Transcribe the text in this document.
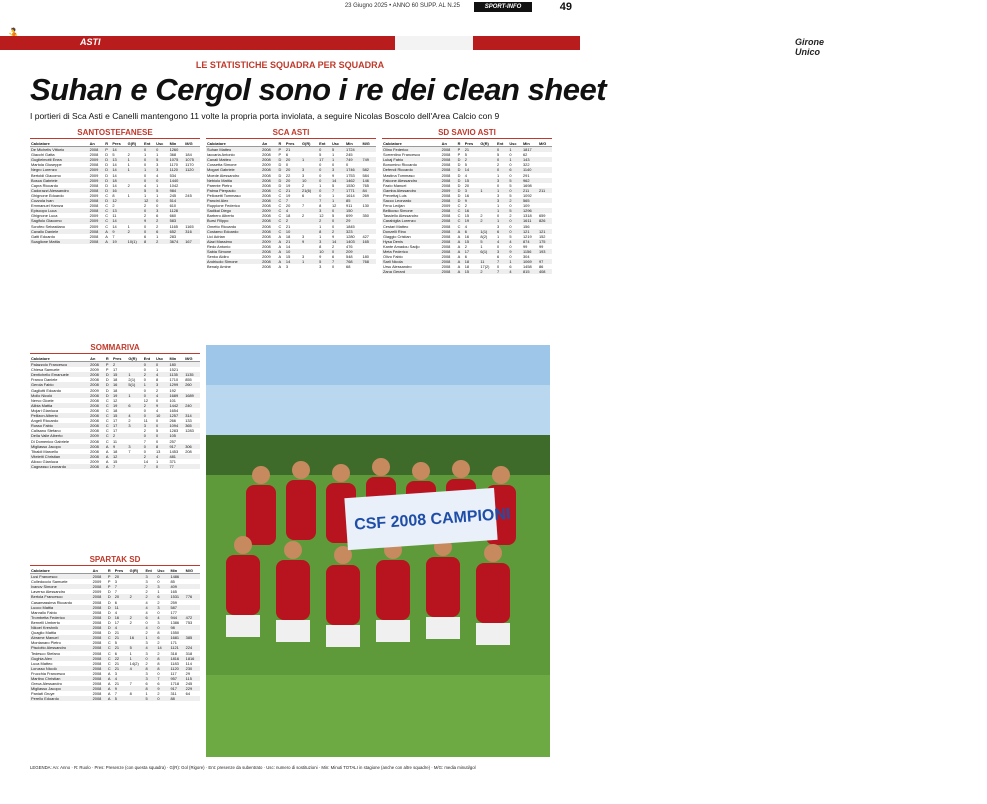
23 Giugno 2025 • ANNO 60 SUPP. AL N.25	SPORT-INFO	49
ASTI	Girone Unico
UNDER 17
LE STATISTICHE SQUADRA PER SQUADRA
Suhan e Cergol sono i re dei clean sheet
I portieri di Sca Asti e Canelli mantengono 11 volte la propria porta inviolata, a seguire Nicolas Boscolo dell'Area Calcio con 9
SANTOSTEFANESE
Calciatore	An	R	Pres	G(R)	Ent	Usc	Min	M/G
De Michelis Vittorio	2008	P	14		0	0	1260	
Giacchi Gatta	2008	D	5	2	1	1	368	184
Guglielmotti Enea	2009	D	13	1	0	5	1075	1075
Martola Giuseppe	2008	D	14	1	0	3	1170	1170
Negro Lorenzo	2009	D	14	1	1	3	1120	1120
Bertoldi Giacomo	2009	D	14		0	4	534	
Bosca Gabriele	2009	D	18		0	0	1440	
Capra Riccardo	2008	D	14	2	4	1	1042	
Cadorazzi Alessandro	2008	D	16		5	5	984	
Ghignone Edoardo	2009	C	8	1	1	1	245	245
Cozzola Ivan	2008	D	12		12	0	514	
Emmanuel Hamza	2008	C	2		2	0	610	
Episcopo Luca	2008	C	13		0	3	1128	
Ghignone Luca	2009	C	11		2	6	660	
Sagifolo Giacomo	2009	C	14		9	2	583	
Scrofeo Sebastiano	2009	C	14	1	0	2	1165	1165
Cavallo Daniele	2008	A	9	2	0	6	652	316
Gatti Edoardo	2008	A	7		6	1	283	
Scaglione Mattia	2008	A	19	10(1)	8	2	3674	167
SCA ASTI
Calciatore	An	R	Pres	G(R)	Ent	Usc	Min	M/G
Suhan Matteo	2008	P	21		0	5	1724	
Iaccaria Antonio	2008	P	6		5	1	245	
Canali Matteo	2008	D	20	1	17	1	749	749
Cossetta Simone	2009	D	0		0	0	0	
Mogari Gabriele	2008	D	20	3	0	3	1746	582
Moede Alessandro	2008	D	22	3	0	9	1753	584
Nebiolo Mattia	2008	D	20	10	0	14	1462	146
Parente Pietro	2008	D	19	2	1	5	1530	765
Palma Pierpaolo	2008	C	21	21(6)	0	7	1771	84
Pellosetti Tommaso	2008	C	19	6	0	1	1614	269
Pancini Alex	2008	C	7		7	1	85	
Ruppione Federico	2008	C	20	7	8	12	911	130
Sadikai Diego	2009	C	4		3	0	150	
Barbero Alberto	2008	C	18	2	12	5	699	350
Bursi Filippo	2008	C	2		2	0	29	
Ometto Riccardo	2008	C	21		1	0	1845	
Costamo Edoardo	2008	C	10		8	2	323	
Lici Adrian	2008	A	18	3	1	9	1280	427
Alazi Massimo	2009	A	21	9	3	14	1403	165
Redo Antonio	2008	A	14		8	2	476	
Sabia Simone	2008	A	10		10	0	209	
Senko Aldiro	2009	A	15	3	9	6	548	180
Andriuolo Simone	2008	A	14	1	5	7	768	768
Benaly Amine	2008	A	3		3	0	68	
SD SAVIO ASTI
Calciatore	An	R	Pres	G(R)	Ent	Usc	Min	M/G
Olino Federico	2008	P	21		0	1	1817	
Sorrentino Francesco	2008	P	5		5	0	62	
Lukaj Fabio	2008	D	2		0	1	143	
Bonomino Riccardo	2008	D	5		2	0	322	
Defendi Riccardo	2008	D	14		0	6	1140	
Mastina Tommaso	2008	D	4		1	0	291	
Falcone Alessandro	2008	D	15		3	5	962	
Fazio Manuel	2008	D	20		0	5	1698	
Gamba Alessandro	2009	D	3	1	1	0	211	211
Prevettaj Luis	2008	D	16		3	5	1092	
Sacco Leonardo	2008	D	9		3	2	565	
Fenu Ledjan	2009	C	2		1	0	109	
Bellicoso Simone	2008	C	16		1	5	1296	
Tassiello Alessandro	2008	C	15	2	0	2	1318	659
Carabiglia Lorenzo	2008	C	19	2	1	0	1611	826
Cestari Matteo	2008	C	4		3	0	156	
Donzelli Rino	2008	A	6	1(1)	6	0	121	121
Giaggio Cristian	2008	A	16	8(2)	1	5	1219	152
Hysa Denis	2008	A	15	5	4	4	874	175
Kante Amadou Sadjo	2008	A	2	1	0	0	99	99
Meta Federico	2008	A	17	6(1)	3	9	1156	193
Olivo Fabio	2008	A	6		6	0	304	
Sarli Nicola	2008	A	18	11	7	1	1069	97
Ursu Alessandro	2008	A	18	17(2)	0	6	1458	86
Zana Gerard	2008	A	15	2	7	4	815	408
SOMMARIVA
Calciatore	An	R	Pres	G(R)	Ent	Usc	Min	M/G
Palazzolo Francesco	2008	P	2		0	0	180	
Chiesa Samuele	2009	P	17		0	1	1521	
Dentichello Emanuele	2008	D	15	1	2	4	1135	1135
Franco Daniele	2008	D	18	2(1)	0	8	1710	855
Gerola Fabio	2008	D	16	5(1)	1	3	1299	260
Gagliotti Edoardo	2009	D	18		0	2	192	
Mollo Nicolò	2008	D	19	1	0	4	1689	1689
Nervo Gioele	2008	C	12		12	0	101	
Alibia Mattia	2008	C	19	6	2	9	1442	240
Mojari Gianluca	2008	C	18		0	4	1654	
Pellizon Alberto	2008	C	15	4	0	10	1257	314
Angeli Riccardo	2008	C	17	2	11	0	266	133
Russo Fabio	2008	C	17	3	3	0	1094	365
Calisano Stefano	2008	C	17		2	5	1283	1283
Della Valle Alberto	2009	C	2		0	0	105	
Di Domenico Gabriele	2008	C	11		7	0	257	
Migliasso Jacopo	2008	A	9	3	0	8	917	306
Tibaldi Marcello	2008	A	18	7	0	13	1453	208
Viteletti Christian	2008	A	12		2	4	481	
Alloco Gianluca	2009	A	15		14	1	371	
Cagnasso Leonardo	2008	A	7		7	0	77	
SPARTAK SD
Calciatore	An	R	Pres	G(R)	Ent	Usc	Min	M/G
Lusi Francesco	2008	P	20		3	0	1486	
Colledoccio Samuele	2009	P	3		3	0	85	
Ivanov Simone	2008	P	7		2	3	409	
Laverso Alessandro	2009	D	7		2	1	165	
Bertola Francesco	2008	D	20	2	2	6	1531	776
Casamassima Riccardo	2008	D	6		4	2	259	
Lucco Mattia	2008	D	11		4	3	587	
Manrallo Fabio	2008	D	4		4	0	177	
Trombetta Federico	2008	D	16	2	6	4	944	472
Bernelli Umberto	2008	D	17	2	0	3	1386	753
Nikoel Kreshnik	2008	D	4		4	0	98	
Quaglio Mattia	2008	D	21		2	8	1550	
Abrame Manuel	2008	C	21	16	1	6	1681	385
Montanaro Pietro	2008	C	5		3	2	171	
Pisciotto Alessandro	2008	C	21	5	4	14	1121	224
Tedesco Stefano	2008	C	6	1	3	2	318	318
Gughia Alex	2008	C	22	1	0	8	1816	1816
Luca Matteo	2008	C	21	14(2)	2	8	1183	114
Lorusso Nicolò	2008	C	21	4	8	8	1120	230
Frucchia Francesco	2008	A	3		3	0	117	29
Martino Christian	2008	A	4		3	7	957	115
Greca Alessandro	2008	A	21	7	6	6	1718	245
Migliasso Jacopo	2008	A	9		8	9	917	229
Paniati Gruye	2008	A	7	8	1	2	311	64
Perello Edoardo	2008	A	5		5	0	88	
CSF 2008 CAMPIONI
LEGENDA: An: Anno · R: Ruolo · Pres: Presenze (con questa squadra) · G(R): Gol (Rigore) · Ent: presenze da subentrato · Usc: numero di sostituzioni · Min: Minuti TOTALI in stagione (anche con altre squadre) · M/G: media minuti/gol
